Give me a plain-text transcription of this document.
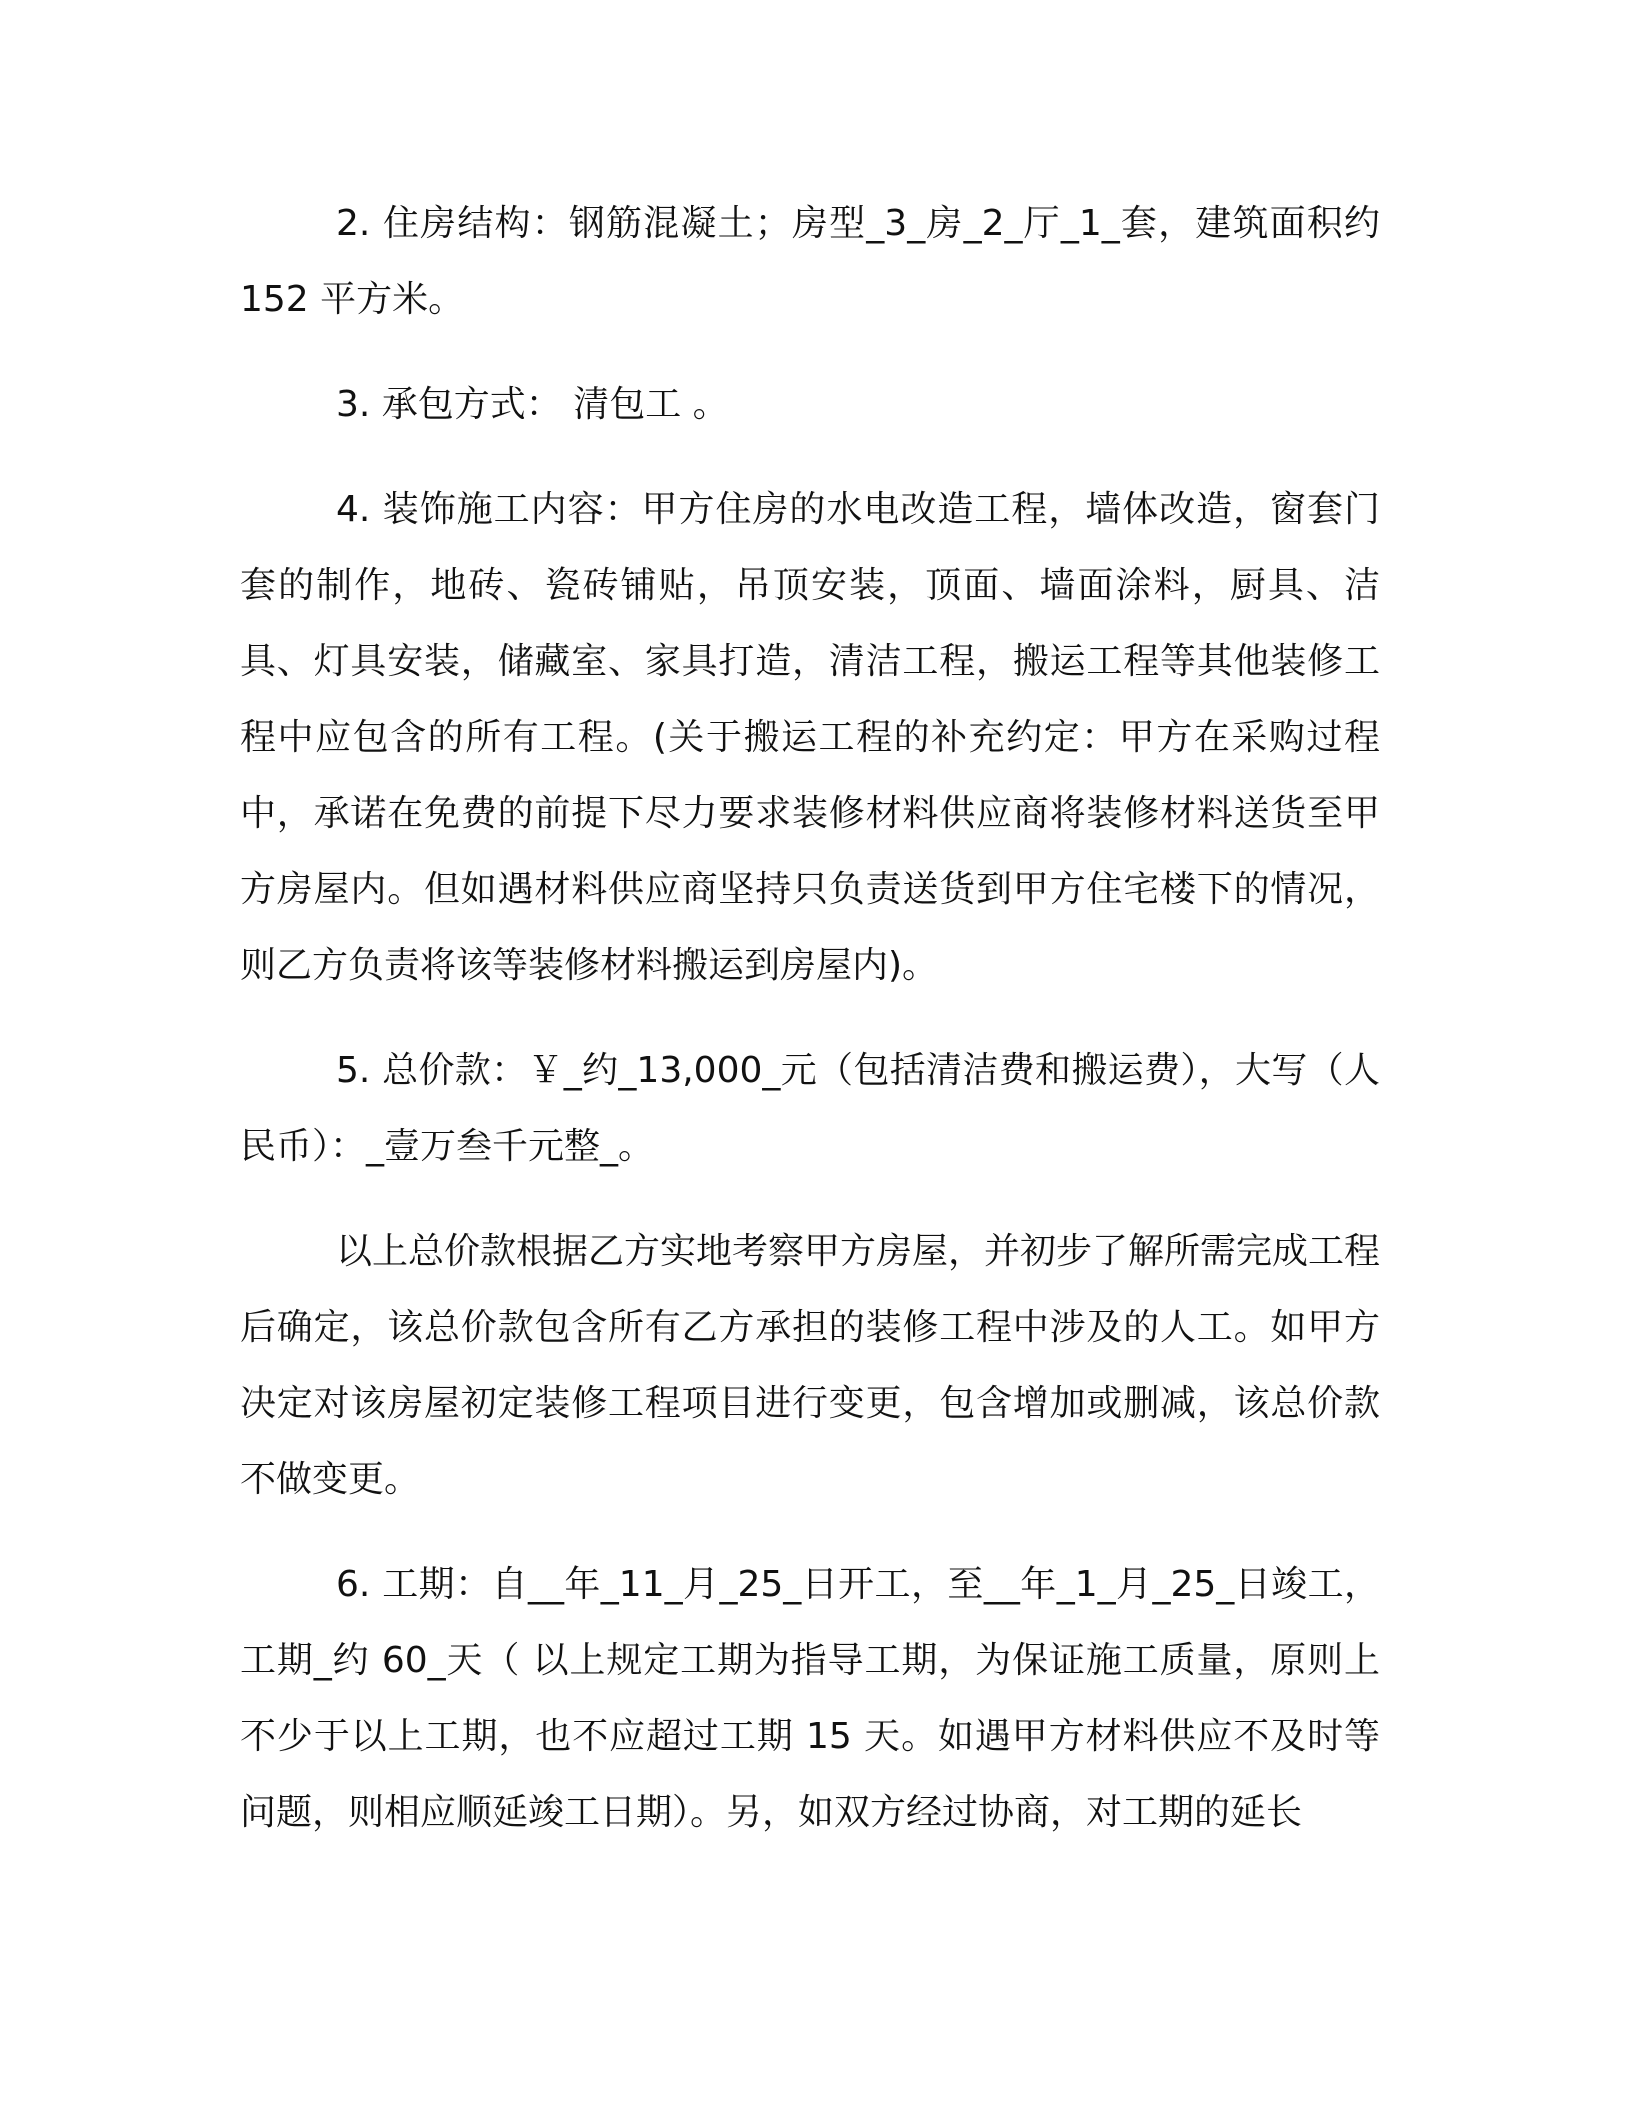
2. 住房结构：钢筋混凝土；房型_3_房_2_厅_1_套，建筑面积约 152 平方米。

3. 承包方式： 清包工 。

4. 装饰施工内容：甲方住房的水电改造工程，墙体改造，窗套门套的制作，地砖、瓷砖铺贴，吊顶安装，顶面、墙面涂料，厨具、洁具、灯具安装，储藏室、家具打造，清洁工程，搬运工程等其他装修工程中应包含的所有工程。(关于搬运工程的补充约定：甲方在采购过程中，承诺在免费的前提下尽力要求装修材料供应商将装修材料送货至甲方房屋内。但如遇材料供应商坚持只负责送货到甲方住宅楼下的情况，则乙方负责将该等装修材料搬运到房屋内)。

5. 总价款：￥_约_13,000_元（包括清洁费和搬运费），大写（人民币）：_壹万叁千元整_。

以上总价款根据乙方实地考察甲方房屋，并初步了解所需完成工程后确定，该总价款包含所有乙方承担的装修工程中涉及的人工。如甲方决定对该房屋初定装修工程项目进行变更，包含增加或删减，该总价款不做变更。

6. 工期：自__年_11_月_25_日开工，至__年_1_月_25_日竣工，工期_约 60_天（ 以上规定工期为指导工期，为保证施工质量，原则上不少于以上工期，也不应超过工期 15 天。如遇甲方材料供应不及时等问题，则相应顺延竣工日期）。另，如双方经过协商，对工期的延长
